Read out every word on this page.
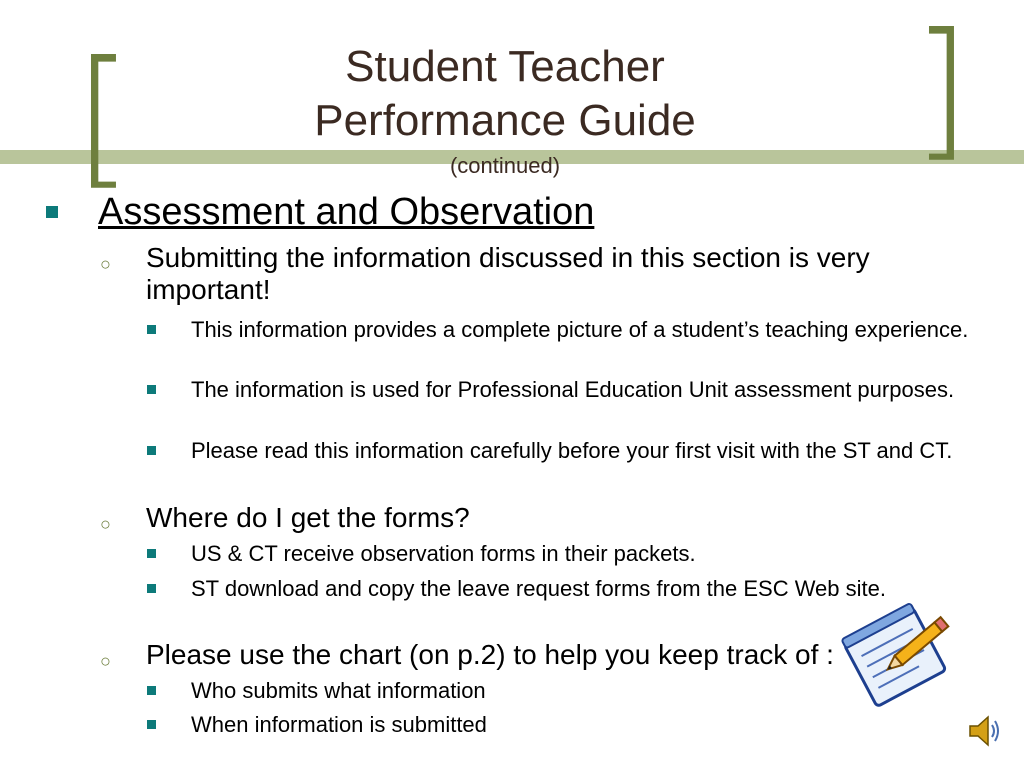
[	]
Student Teacher
Performance Guide
(continued)
Assessment and Observation
○ Submitting the information discussed in this section is very important!
This information provides a complete picture of a student’s teaching experience.
The information is used for Professional Education Unit assessment purposes.
Please read this information carefully before your first visit with the ST and CT.
○ Where do I get the forms?
US & CT receive observation forms in their packets.
ST download and copy the leave request forms from the ESC Web site.
○ Please use the chart (on p.2) to help you keep track of :
Who submits what information
When information is submitted
